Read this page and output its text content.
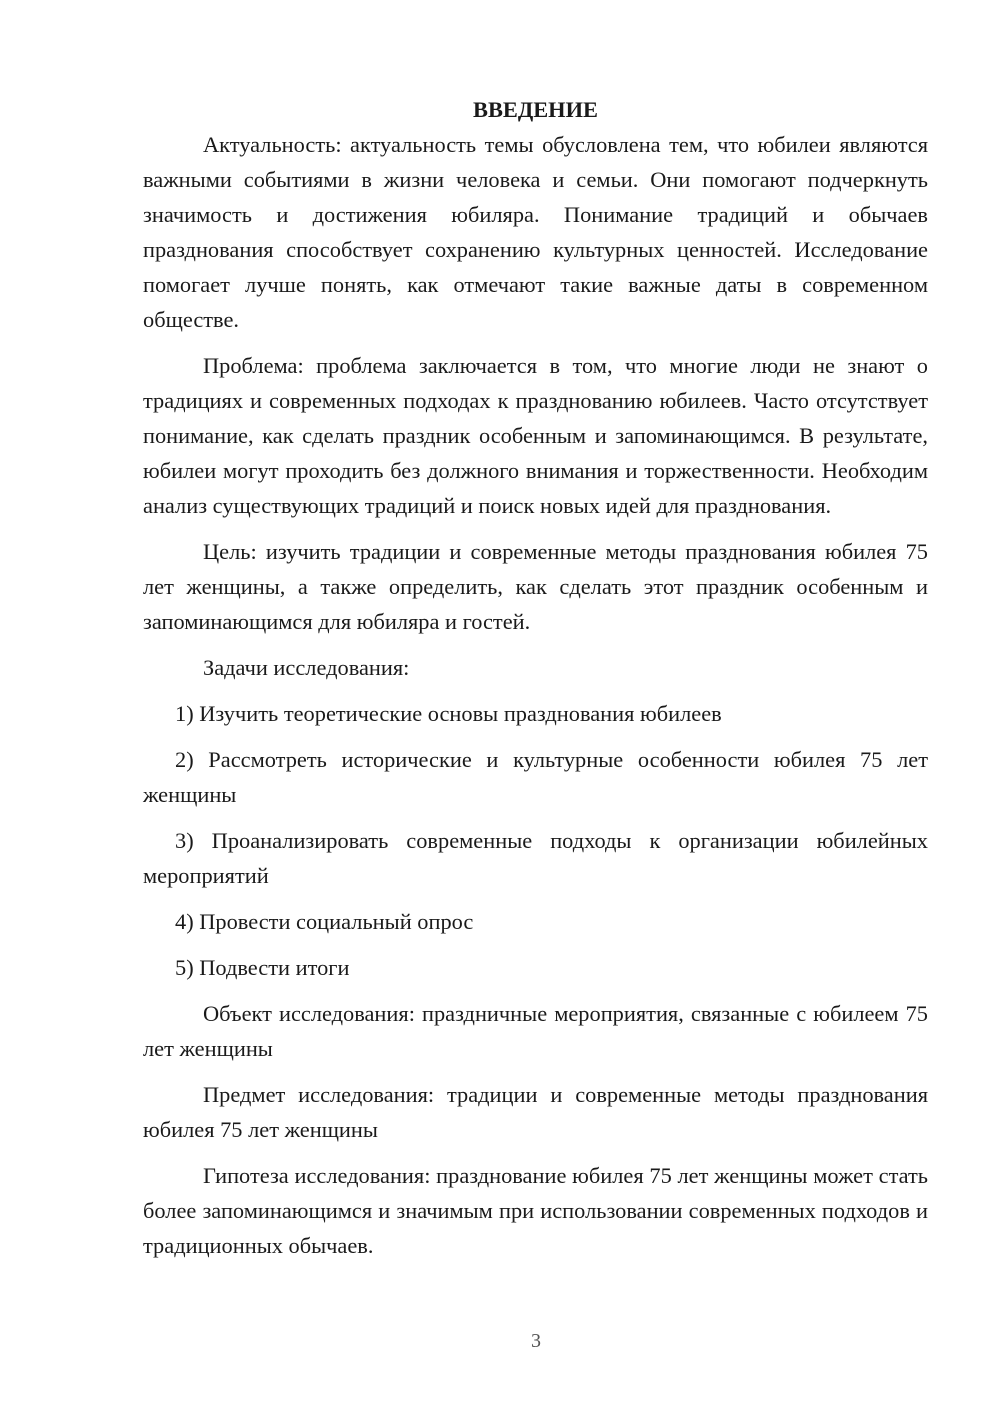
ВВЕДЕНИЕ

Актуальность: актуальность темы обусловлена тем, что юбилеи являются важными событиями в жизни человека и семьи. Они помогают подчеркнуть значимость и достижения юбиляра. Понимание традиций и обычаев празднования способствует сохранению культурных ценностей. Исследование помогает лучше понять, как отмечают такие важные даты в современном обществе.

Проблема: проблема заключается в том, что многие люди не знают о традициях и современных подходах к празднованию юбилеев. Часто отсутствует понимание, как сделать праздник особенным и запоминающимся. В результате, юбилеи могут проходить без должного внимания и торжественности. Необходим анализ существующих традиций и поиск новых идей для празднования.

Цель: изучить традиции и современные методы празднования юбилея 75 лет женщины, а также определить, как сделать этот праздник особенным и запоминающимся для юбиляра и гостей.

Задачи исследования:

1) Изучить теоретические основы празднования юбилеев

2) Рассмотреть исторические и культурные особенности юбилея 75 лет женщины

3) Проанализировать современные подходы к организации юбилейных мероприятий

4) Провести социальный опрос

5) Подвести итоги

Объект исследования: праздничные мероприятия, связанные с юбилеем 75 лет женщины

Предмет исследования: традиции и современные методы празднования юбилея 75 лет женщины

Гипотеза исследования: празднование юбилея 75 лет женщины может стать более запоминающимся и значимым при использовании современных подходов и традиционных обычаев.

3
